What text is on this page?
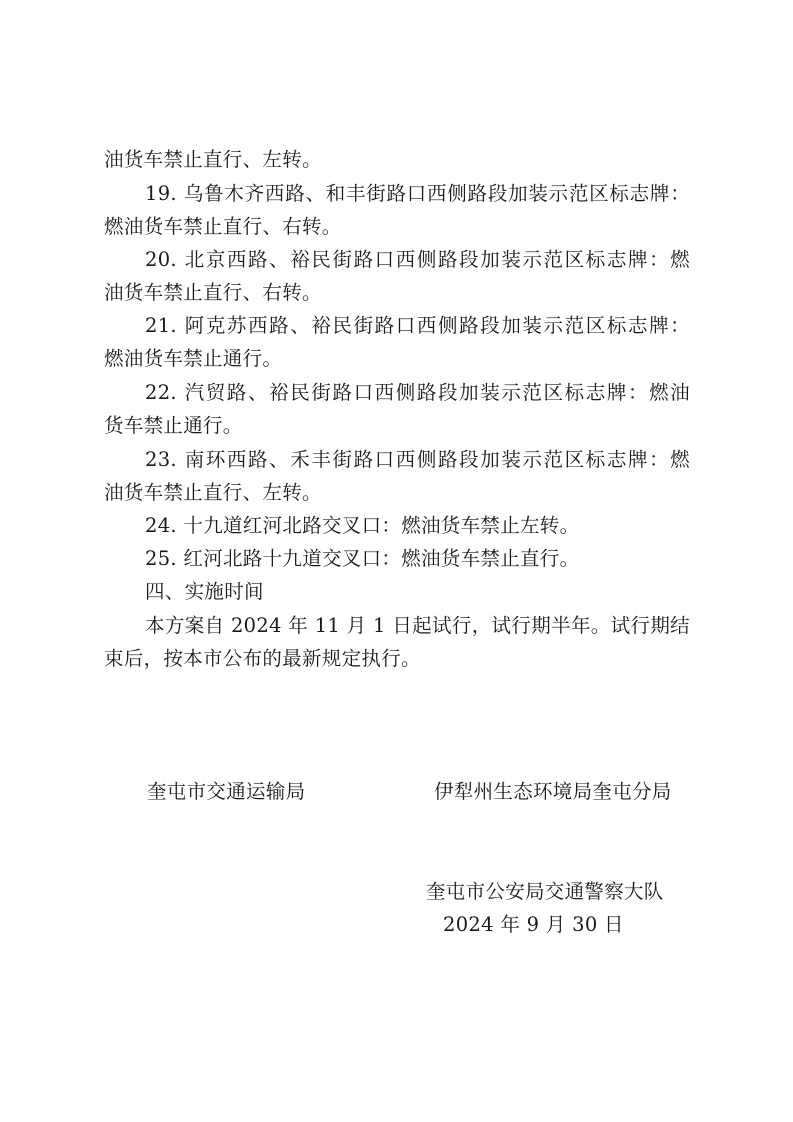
油货车禁止直行、左转。
19. 乌鲁木齐西路、和丰街路口西侧路段加装示范区标志牌：
燃油货车禁止直行、右转。
20. 北京西路、裕民街路口西侧路段加装示范区标志牌：燃
油货车禁止直行、右转。
21. 阿克苏西路、裕民街路口西侧路段加装示范区标志牌：
燃油货车禁止通行。
22. 汽贸路、裕民街路口西侧路段加装示范区标志牌：燃油
货车禁止通行。
23. 南环西路、禾丰街路口西侧路段加装示范区标志牌：燃
油货车禁止直行、左转。
24. 十九道红河北路交叉口：燃油货车禁止左转。
25. 红河北路十九道交叉口：燃油货车禁止直行。
四、实施时间
本方案自 2024 年 11 月 1 日起试行，试行期半年。试行期结
束后，按本市公布的最新规定执行。
奎屯市交通运输局	伊犁州生态环境局奎屯分局
奎屯市公安局交通警察大队
2024 年 9 月 30 日
